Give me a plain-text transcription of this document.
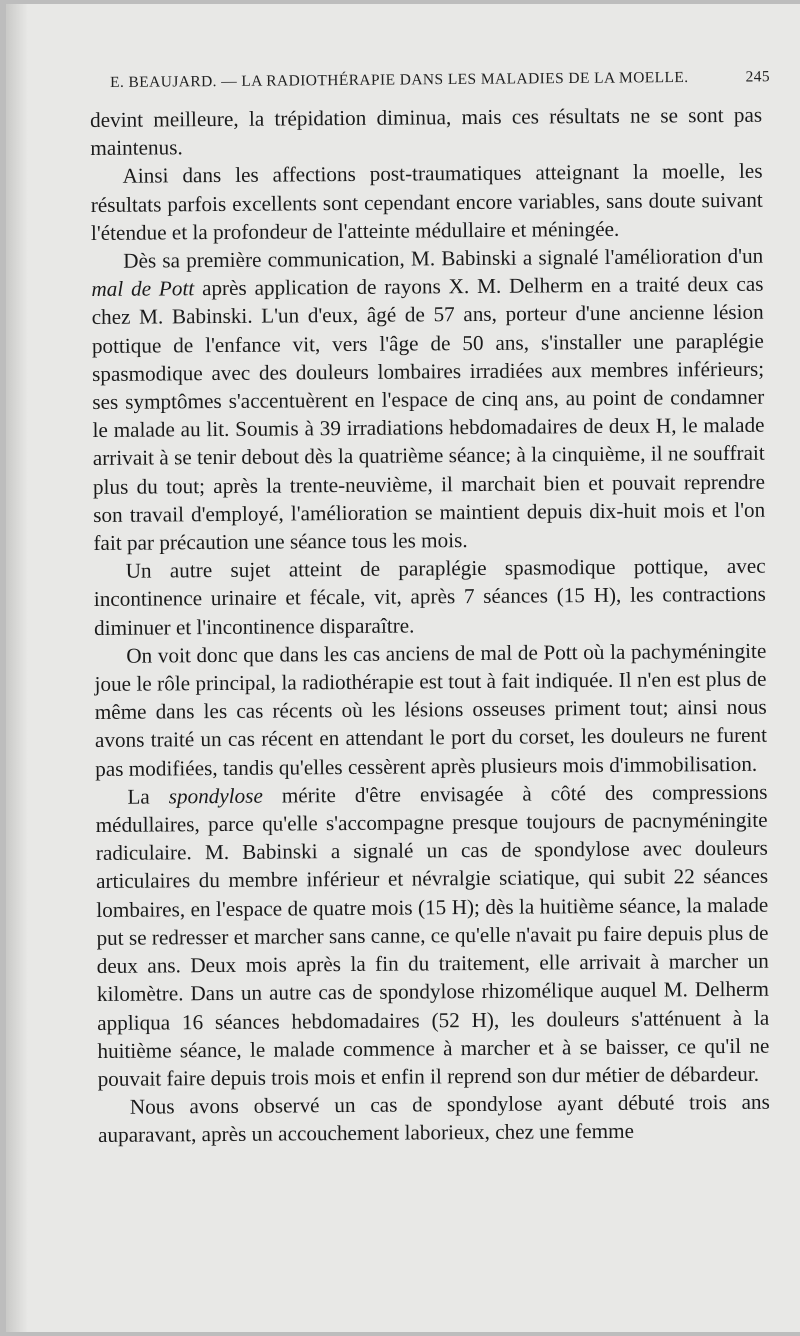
E. BEAUJARD. — LA RADIOTHÉRAPIE DANS LES MALADIES DE LA MOELLE.	245

devint meilleure, la trépidation diminua, mais ces résultats ne se sont pas maintenus.

Ainsi dans les affections post-traumatiques atteignant la moelle, les résultats parfois excellents sont cependant encore variables, sans doute suivant l'étendue et la profondeur de l'atteinte médullaire et méningée.

Dès sa première communication, M. Babinski a signalé l'amélioration d'un mal de Pott après application de rayons X. M. Delherm en a traité deux cas chez M. Babinski. L'un d'eux, âgé de 57 ans, porteur d'une ancienne lésion pottique de l'enfance vit, vers l'âge de 50 ans, s'installer une paraplégie spasmodique avec des douleurs lombaires irradiées aux membres inférieurs; ses symptômes s'accentuèrent en l'espace de cinq ans, au point de condamner le malade au lit. Soumis à 39 irradiations hebdomadaires de deux H, le malade arrivait à se tenir debout dès la quatrième séance; à la cinquième, il ne souffrait plus du tout; après la trente-neuvième, il marchait bien et pouvait reprendre son travail d'employé, l'amélioration se maintient depuis dix-huit mois et l'on fait par précaution une séance tous les mois.

Un autre sujet atteint de paraplégie spasmodique pottique, avec incontinence urinaire et fécale, vit, après 7 séances (15 H), les contractions diminuer et l'incontinence disparaître.

On voit donc que dans les cas anciens de mal de Pott où la pachyméningite joue le rôle principal, la radiothérapie est tout à fait indiquée. Il n'en est plus de même dans les cas récents où les lésions osseuses priment tout; ainsi nous avons traité un cas récent en attendant le port du corset, les douleurs ne furent pas modifiées, tandis qu'elles cessèrent après plusieurs mois d'immobilisation.

La spondylose mérite d'être envisagée à côté des compressions médullaires, parce qu'elle s'accompagne presque toujours de pacnyméningite radiculaire. M. Babinski a signalé un cas de spondylose avec douleurs articulaires du membre inférieur et névralgie sciatique, qui subit 22 séances lombaires, en l'espace de quatre mois (15 H); dès la huitième séance, la malade put se redresser et marcher sans canne, ce qu'elle n'avait pu faire depuis plus de deux ans. Deux mois après la fin du traitement, elle arrivait à marcher un kilomètre. Dans un autre cas de spondylose rhizomélique auquel M. Delherm appliqua 16 séances hebdomadaires (52 H), les douleurs s'atténuent à la huitième séance, le malade commence à marcher et à se baisser, ce qu'il ne pouvait faire depuis trois mois et enfin il reprend son dur métier de débardeur.

Nous avons observé un cas de spondylose ayant débuté trois ans auparavant, après un accouchement laborieux, chez une femme
